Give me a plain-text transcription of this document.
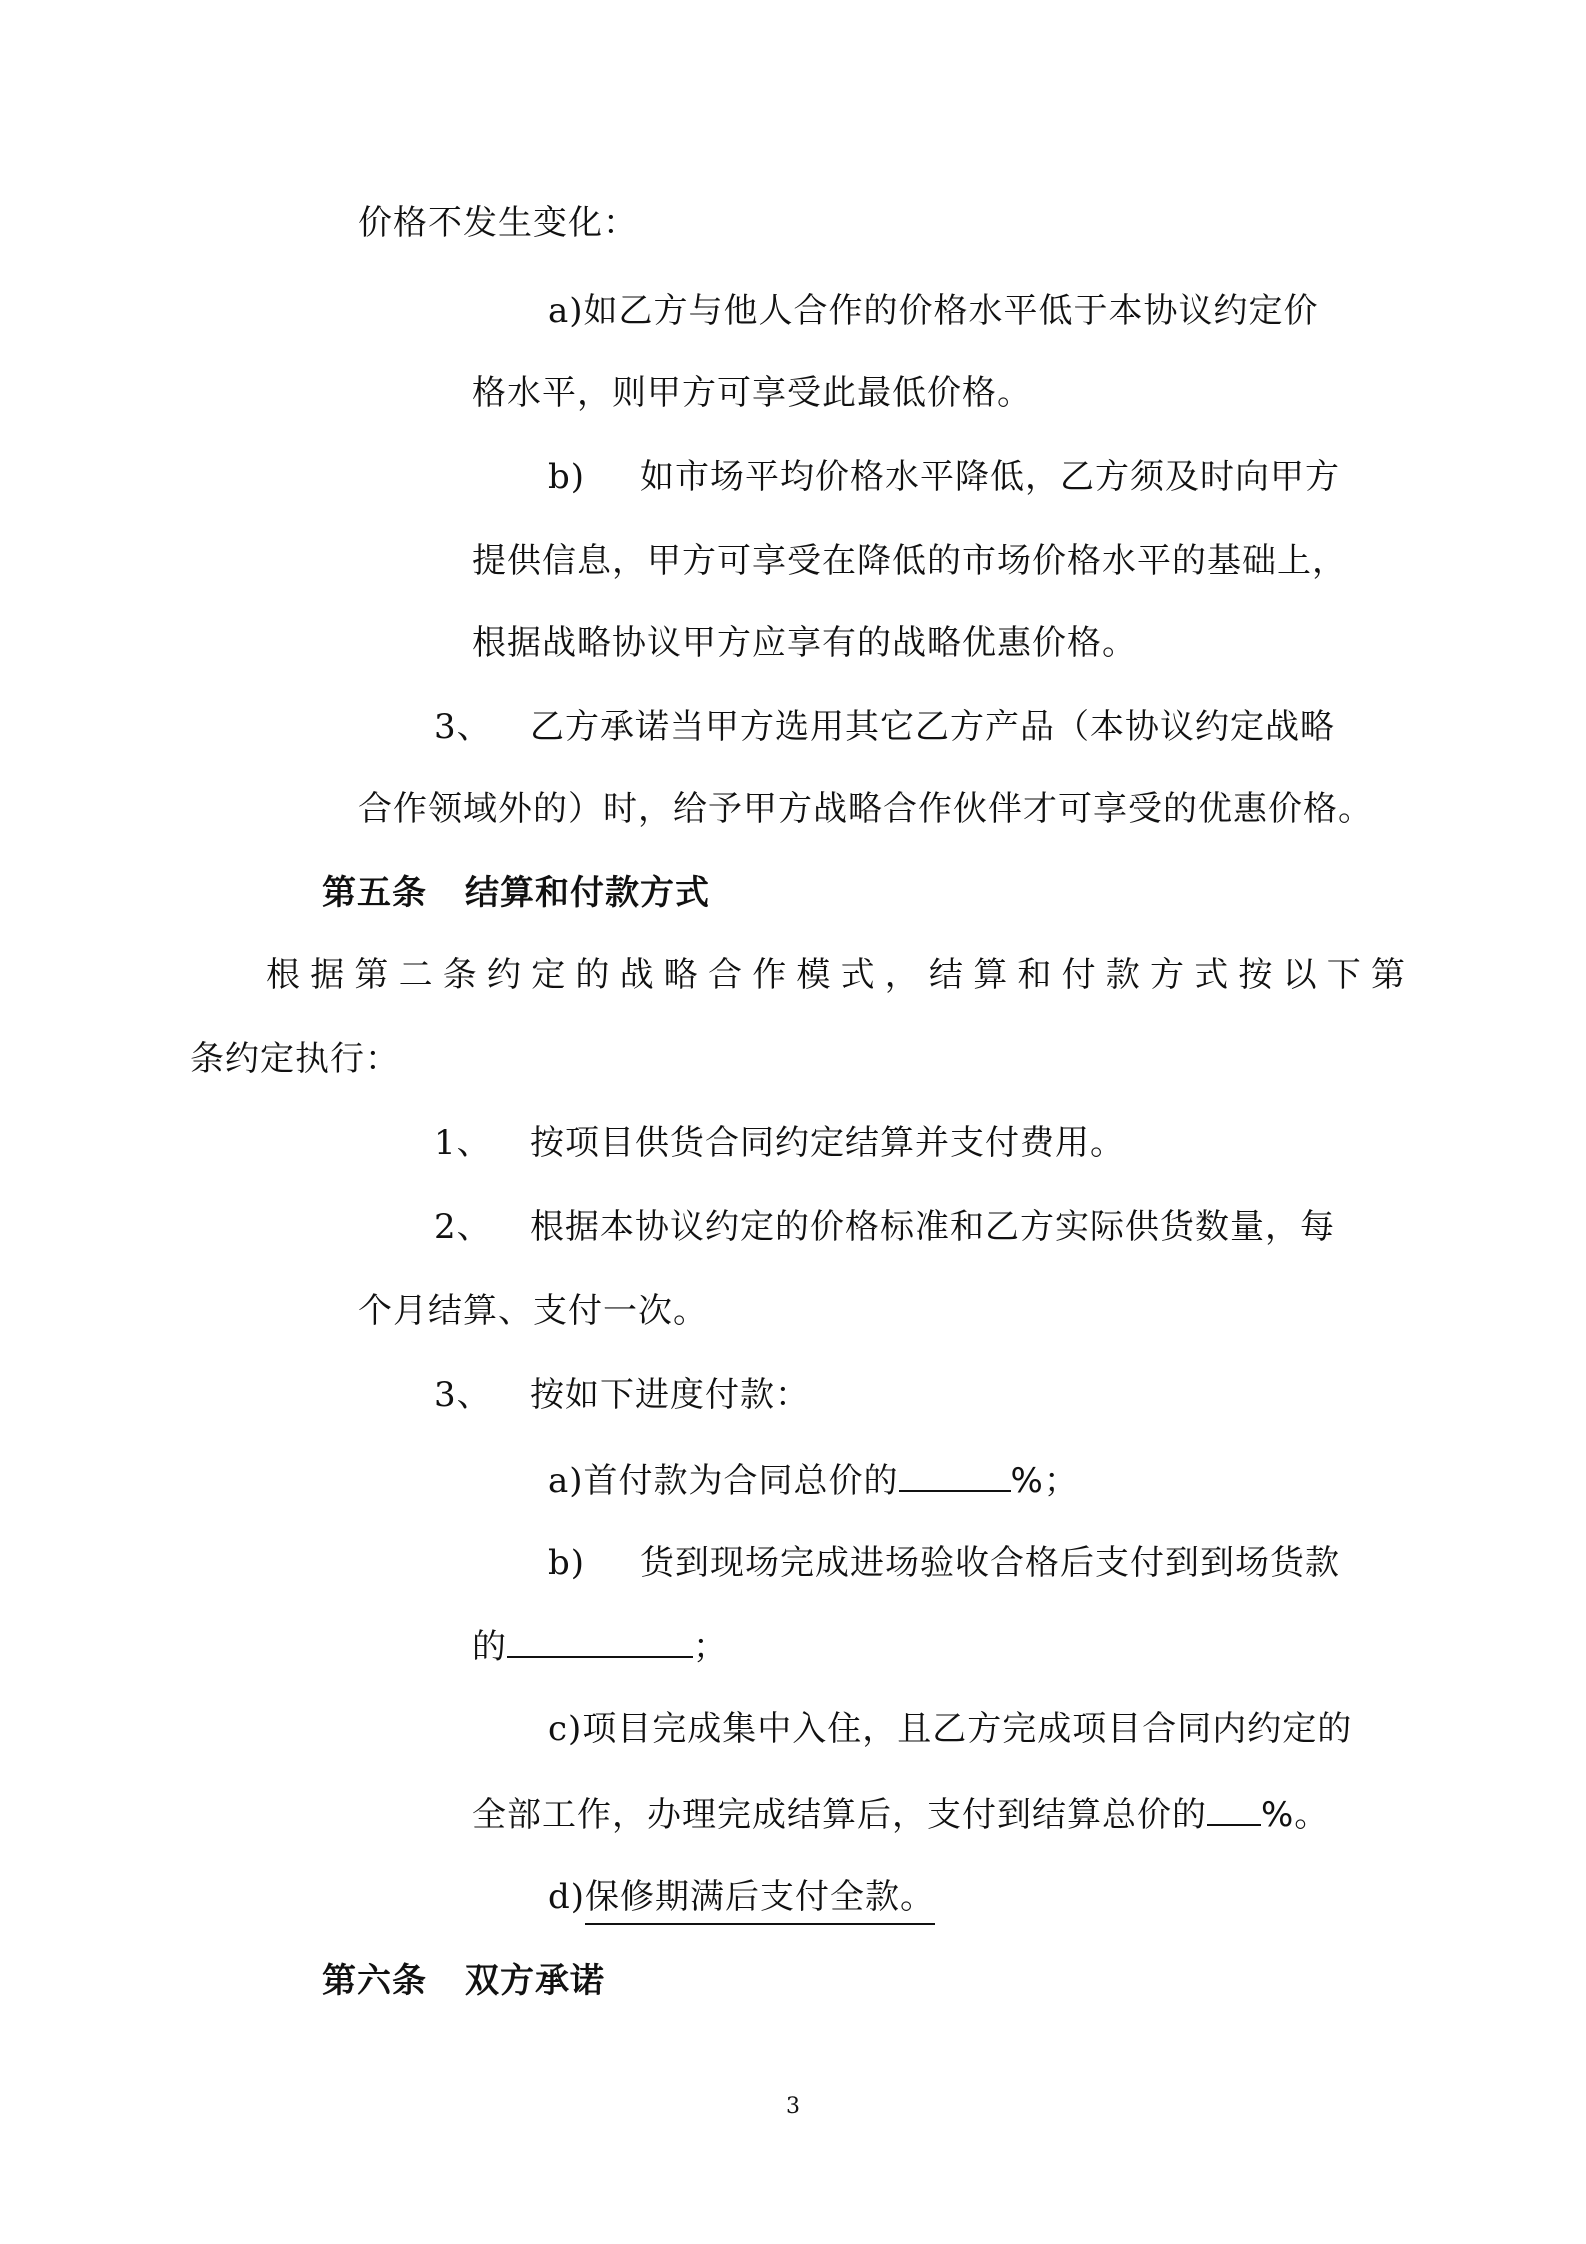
价格不发生变化：
a)如乙方与他人合作的价格水平低于本协议约定价
格水平，则甲方可享受此最低价格。
b) 如市场平均价格水平降低，乙方须及时向甲方
提供信息，甲方可享受在降低的市场价格水平的基础上，
根据战略协议甲方应享有的战略优惠价格。
3、 乙方承诺当甲方选用其它乙方产品（本协议约定战略
合作领域外的）时，给予甲方战略合作伙伴才可享受的优惠价格。
第五条 结算和付款方式
根据第二条约定的战略合作模式，结算和付款方式按以下第
条约定执行：
1、 按项目供货合同约定结算并支付费用。
2、 根据本协议约定的价格标准和乙方实际供货数量，每
个月结算、支付一次。
3、 按如下进度付款：
a)首付款为合同总价的	%；
b) 货到现场完成进场验收合格后支付到到场货款
的	；
c)项目完成集中入住，且乙方完成项目合同内约定的
全部工作，办理完成结算后，支付到结算总价的 %。
d)保修期满后支付全款。
第六条 双方承诺
3
